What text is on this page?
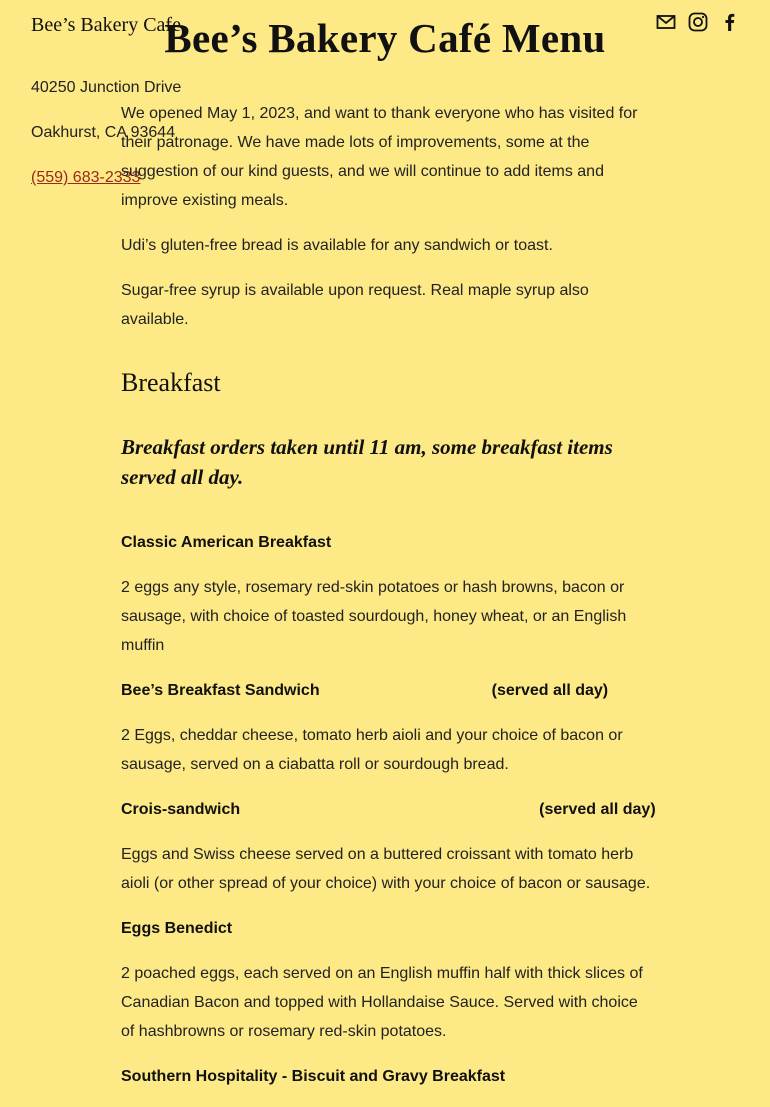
Bee’s Bakery Cafe
Bee’s Bakery Café Menu
40250 Junction Drive
Oakhurst, CA 93644
(559) 683-2333

We opened May 1, 2023, and want to thank everyone who has visited for their patronage. We have made lots of improvements, some at the suggestion of our kind guests, and we will continue to add items and improve existing meals.

Udi’s gluten-free bread is available for any sandwich or toast.

Sugar-free syrup is available upon request. Real maple syrup also available.

Breakfast
Breakfast orders taken until 11 am, some breakfast items served all day.
Classic American Breakfast

2 eggs any style, rosemary red-skin potatoes or hash browns, bacon or sausage, with choice of toasted sourdough, honey wheat, or an English muffin

Bee’s Breakfast Sandwich	(served all day)

2 Eggs, cheddar cheese, tomato herb aioli and your choice of bacon or sausage, served on a ciabatta roll or sourdough bread.

Crois-sandwich	(served all day)

Eggs and Swiss cheese served on a buttered croissant with tomato herb aioli (or other spread of your choice) with your choice of bacon or sausage.

Eggs Benedict

2 poached eggs, each served on an English muffin half with thick slices of Canadian Bacon and topped with Hollandaise Sauce. Served with choice of hashbrowns or rosemary red-skin potatoes.

Southern Hospitality - Biscuit and Gravy Breakfast
